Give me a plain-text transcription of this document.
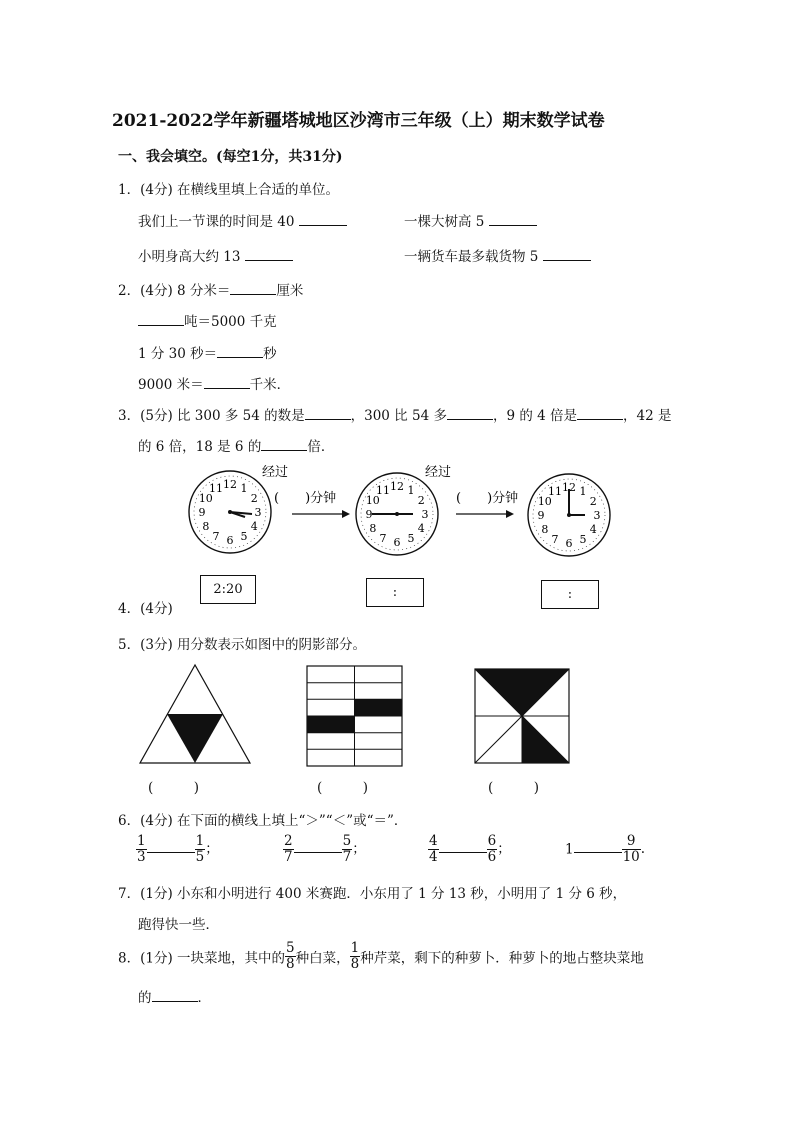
2021-2022学年新疆塔城地区沙湾市三年级（上）期末数学试卷
一、我会填空。(每空1分，共31分)
1．(4分) 在横线里填上合适的单位。
我们上一节课的时间是 40	一棵大树高 5
小明身高大约 13	一辆货车最多载货物 5
2．(4分) 8 分米＝	厘米
吨＝5000 千克
1 分 30 秒＝	秒
9000 米＝	千米．
3．(5分) 比 300 多 54 的数是	，300 比 54 多	，9 的 4 倍是	，42 是
的 6 倍，18 是 6 的	倍．
12 1
2
3
4
5
6
7
8
9
10
11
经过
(　　)分钟
12 1
2
3
4
5
6
7
8
9
10
11
经过
(　　)分钟
12 1
2
3
4
5
6
7
8
9
10
11
4．(4分)
2:20	:	:
5．(3分) 用分数表示如图中的阴影部分。
(　　　)	(　　　)	(　　　)
6．(4分) 在下面的横线上填上“＞”“＜”或“＝”．
$\frac{1}{3}$	$\frac{1}{5}$ ；	$\frac{2}{7}$	$\frac{5}{7}$ ；	$\frac{4}{4}$	$\frac{6}{6}$ ；	1	$\frac{9}{10}$ .
7．(1分) 小东和小明进行 400 米赛跑．小东用了 1 分 13 秒，小明用了 1 分 6 秒，
跑得快一些．
8．(1分) 一块菜地，其中的 $\frac{5}{8}$ 种白菜， $\frac{1}{8}$ 种芹菜，剩下的种萝卜．种萝卜的地占整块菜地
的	．
